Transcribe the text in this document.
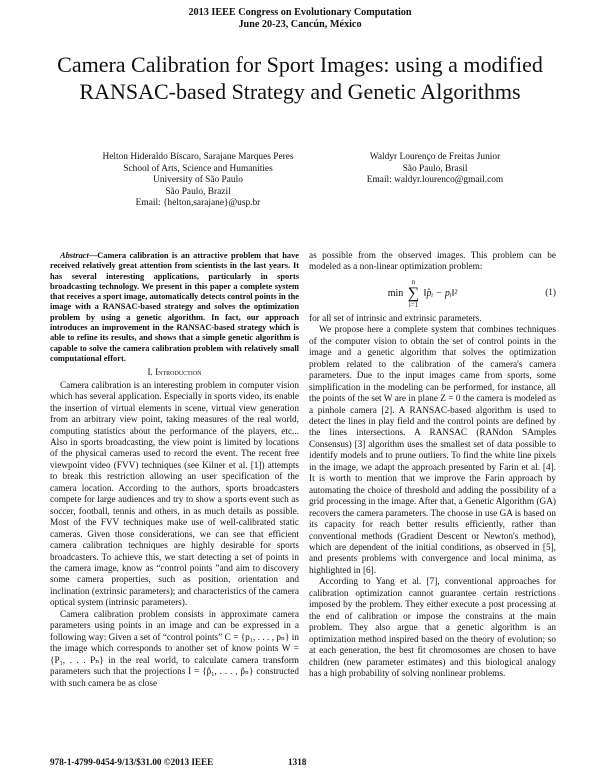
2013 IEEE Congress on Evolutionary Computation
June 20-23, Cancún, México
Camera Calibration for Sport Images: using a modified RANSAC-based Strategy and Genetic Algorithms
Helton Hideraldo Bíscaro, Sarajane Marques Peres
School of Arts, Science and Humanities
University of São Paulo
São Paulo, Brazil
Email: {helton,sarajane}@usp.br
Waldyr Lourenço de Freitas Junior
São Paulo, Brasil
Email: waldyr.lourenco@gmail.com

Abstract—Camera calibration is an attractive problem that have received relatively great attention from scientists in the last years. It has several interesting applications, particularly in sports broadcasting technology. We present in this paper a complete system that receives a sport image, automatically detects control points in the image with a RANSAC-based strategy and solves the optimization problem by using a genetic algorithm. In fact, our approach introduces an improvement in the RANSAC-based strategy which is able to refine its results, and shows that a simple genetic algorithm is capable to solve the camera calibration problem with relatively small computational effort.

I. Introduction

Camera calibration is an interesting problem in computer vision which has several application. Especially in sports video, its enable the insertion of virtual elements in scene, virtual view generation from an arbitrary view point, taking measures of the real world, computing statistics about the performance of the players, etc... Also in sports broadcasting, the view point is limited by locations of the physical cameras used to record the event. The recent free viewpoint video (FVV) techniques (see Kilner et al. [1]) attempts to break this restriction allowing an user specification of the camera location. According to the authors, sports broadcasters compete for large audiences and try to show a sports event such as soccer, football, tennis and others, in as much details as possible. Most of the FVV techniques make use of well-calibrated static cameras. Given those considerations, we can see that efficient camera calibration techniques are highly desirable for sports broadcasters. To achieve this, we start detecting a set of points in the camera image, know as “control points ”and aim to discovery some camera properties, such as position, orientation and inclination (extrinsic parameters); and characteristics of the camera optical system (intrinsic parameters).

Camera calibration problem consists in approximate camera parameters using points in an image and can be expressed in a following way: Given a set of “control points” C = {p₁, . . . , pₙ} in the image which corresponds to another set of know points W = {P₁, . . . Pₙ} in the real world, to calculate camera transform parameters such that the projections I = {p̂₁, . . . , p̂ₙ} constructed with such camera be as close

as possible from the observed images. This problem can be modeled as a non-linear optimization problem:

min
n
∑
i=1
‖p̂ᵢ − pᵢ‖²	(1)

for all set of intrinsic and extrinsic parameters.

We propose here a complete system that combines techniques of the computer vision to obtain the set of control points in the image and a genetic algorithm that solves the optimization problem related to the calibration of the camera's camera parameters. Due to the input images came from sports, some simplification in the modeling can be performed, for instance, all the points of the set W are in plane Z = 0 the camera is modeled as a pinhole camera [2]. A RANSAC-based algorithm is used to detect the lines in play field and the control points are defined by the lines intersections. A RANSAC (RANdon SAmples Consensus) [3] algorithm uses the smallest set of data possible to identify models and to prune outliers. To find the white line pixels in the image, we adapt the approach presented by Farin et al. [4]. It is worth to mention that we improve the Farin approach by automating the choice of threshold and adding the possibility of a grid processing in the image. After that, a Genetic Algorithm (GA) recovers the camera parameters. The choose in use GA is based on its capacity for reach better results efficiently, rather than conventional methods (Gradient Descent or Newton's method), which are dependent of the initial conditions, as observed in [5], and presents problems with convergence and local minima, as highlighted in [6].

According to Yang et al. [7], conventional approaches for calibration optimization cannot guarantee certain restrictions imposed by the problem. They either execute a post processing at the end of calibration or impose the constrains at the main problem. They also argue that a genetic algorithm is an optimization method inspired based on the theory of evolution; so at each generation, the best fit chromosomes are chosen to have children (new parameter estimates) and this biological analogy has a high probability of solving nonlinear problems.

978-1-4799-0454-9/13/$31.00 ©2013 IEEE	1318
